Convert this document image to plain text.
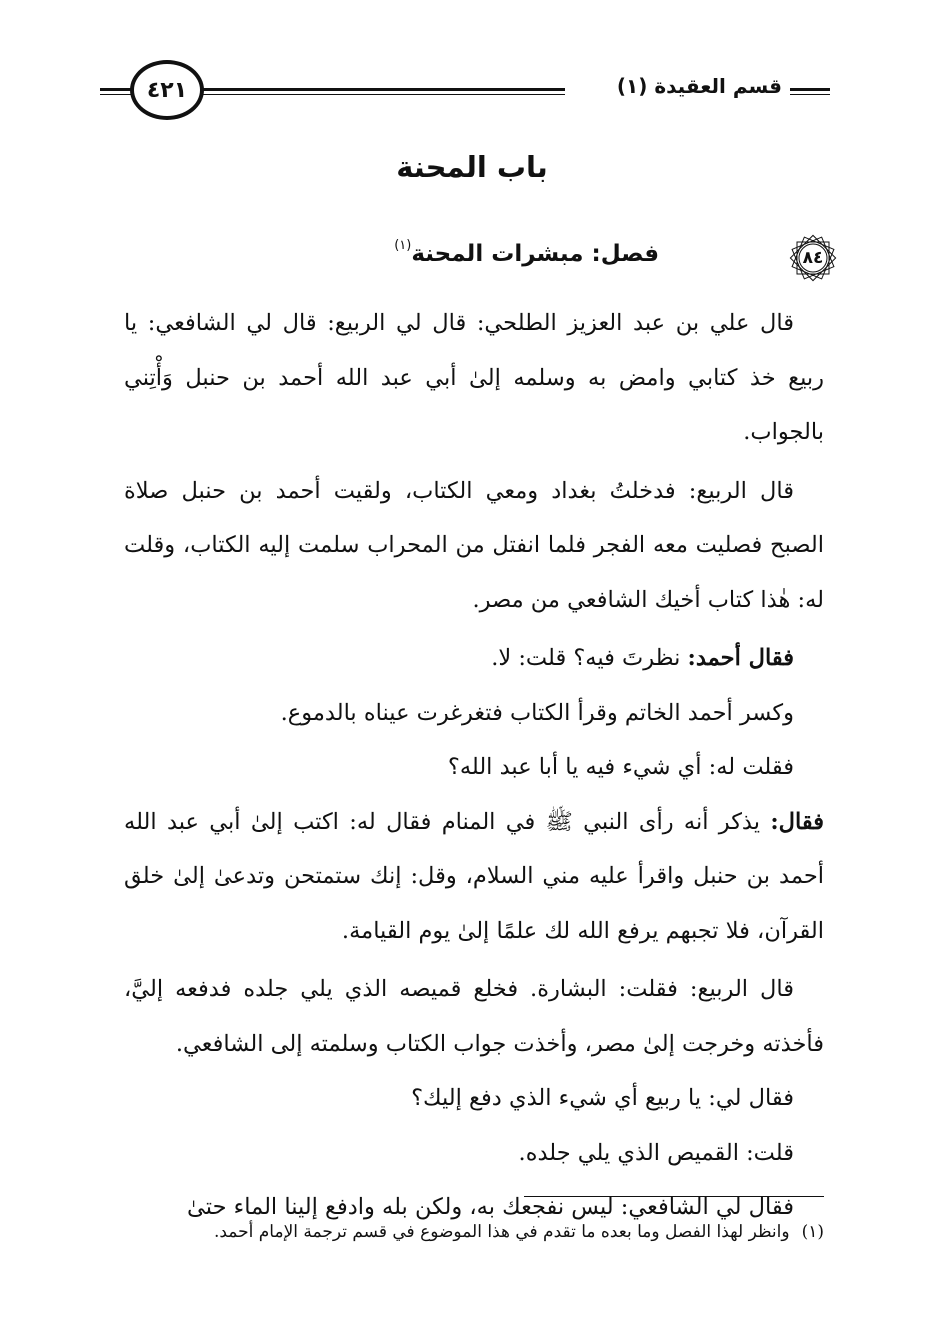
قسم العقيدة (١)
٤٢١
باب المحنة
٨٤
فصل: مبشرات المحنة$^{(١)}$

قال علي بن عبد العزيز الطلحي: قال لي الربيع: قال لي الشافعي: يا ربيع خذ كتابي وامض به وسلمه إلىٰ أبي عبد الله أحمد بن حنبل وَأْتِني بالجواب.

قال الربيع: فدخلتُ بغداد ومعي الكتاب، ولقيت أحمد بن حنبل صلاة الصبح فصليت معه الفجر فلما انفتل من المحراب سلمت إليه الكتاب، وقلت له: هٰذا كتاب أخيك الشافعي من مصر.

فقال أحمد: نظرتَ فيه؟ قلت: لا.

وكسر أحمد الخاتم وقرأ الكتاب فتغرغرت عيناه بالدموع.

فقلت له: أي شيء فيه يا أبا عبد الله؟

فقال: يذكر أنه رأى النبي ﷺ في المنام فقال له: اكتب إلىٰ أبي عبد الله أحمد بن حنبل واقرأ عليه مني السلام، وقل: إنك ستمتحن وتدعىٰ إلىٰ خلق القرآن، فلا تجبهم يرفع الله لك علمًا إلىٰ يوم القيامة.

قال الربيع: فقلت: البشارة. فخلع قميصه الذي يلي جلده فدفعه إليَّ، فأخذته وخرجت إلىٰ مصر، وأخذت جواب الكتاب وسلمته إلى الشافعي.

فقال لي: يا ربيع أي شيء الذي دفع إليك؟

قلت: القميص الذي يلي جلده.

فقال لي الشافعي: ليس نفجعك به، ولكن بله وادفع إلينا الماء حتىٰ

(١)وانظر لهذا الفصل وما بعده ما تقدم في هذا الموضوع في قسم ترجمة الإمام أحمد.
